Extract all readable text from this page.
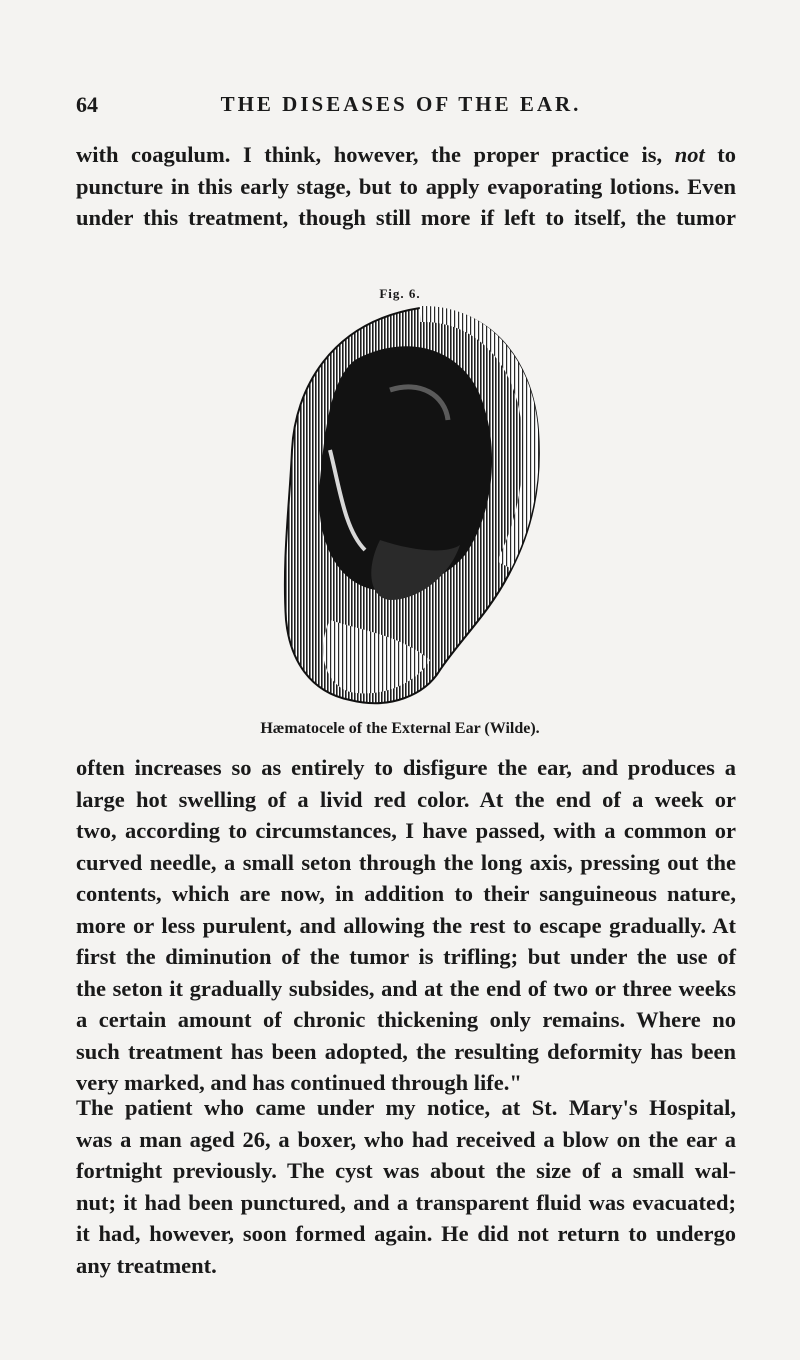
64	THE DISEASES OF THE EAR.
with coagulum. I think, however, the proper practice is, not to
puncture in this early stage, but to apply evaporating lotions. Even
under this treatment, though still more if left to itself, the tumor
Fig. 6.
Hæmatocele of the External Ear (Wilde).
often increases so as entirely to disfigure the ear, and produces a
large hot swelling of a livid red color. At the end of a week or
two, according to circumstances, I have passed, with a common or
curved needle, a small seton through the long axis, pressing out the
contents, which are now, in addition to their sanguineous nature,
more or less purulent, and allowing the rest to escape gradually. At
first the diminution of the tumor is trifling; but under the use of
the seton it gradually subsides, and at the end of two or three weeks
a certain amount of chronic thickening only remains. Where no
such treatment has been adopted, the resulting deformity has been
very marked, and has continued through life."
The patient who came under my notice, at St. Mary's Hospital,
was a man aged 26, a boxer, who had received a blow on the ear a
fortnight previously. The cyst was about the size of a small wal-
nut; it had been punctured, and a transparent fluid was evacuated;
it had, however, soon formed again. He did not return to undergo
any treatment.
